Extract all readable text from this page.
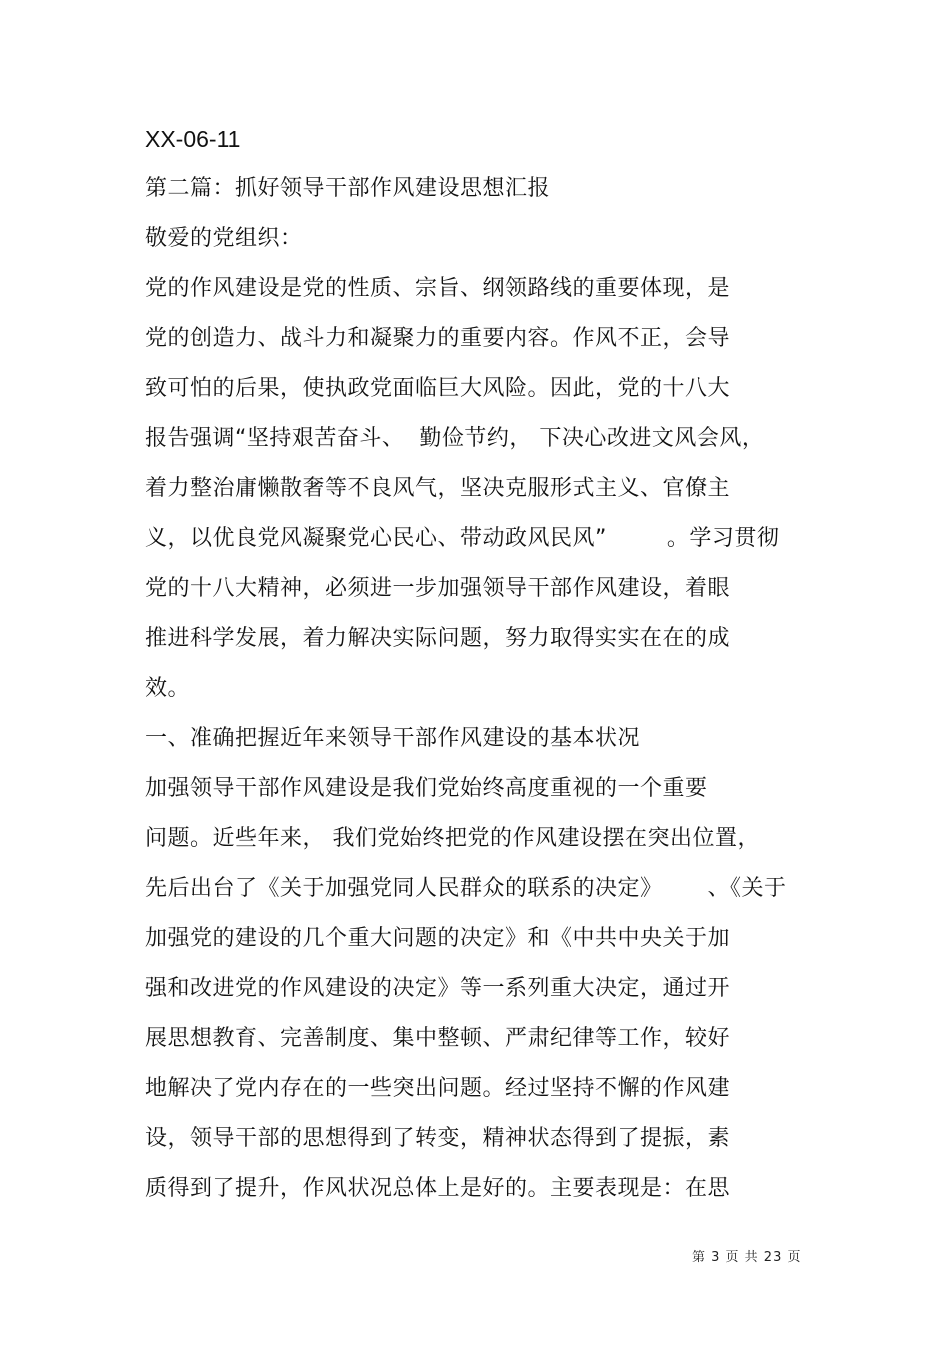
XX-06-11
第二篇：抓好领导干部作风建设思想汇报
敬爱的党组织：
党的作风建设是党的性质、宗旨、纲领路线的重要体现，是
党的创造力、战斗力和凝聚力的重要内容。作风不正，会导
致可怕的后果，使执政党面临巨大风险。因此，党的十八大
报告强调“坚持艰苦奋斗、  勤俭节约， 下决心改进文风会风，
着力整治庸懒散奢等不良风气，坚决克服形式主义、官僚主
义，以优良党风凝聚党心民心、带动政风民风”        。学习贯彻
党的十八大精神，必须进一步加强领导干部作风建设，着眼
推进科学发展，着力解决实际问题，努力取得实实在在的成
效。
一、准确把握近年来领导干部作风建设的基本状况
加强领导干部作风建设是我们党始终高度重视的一个重要
问题。近些年来， 我们党始终把党的作风建设摆在突出位置，
先后出台了《关于加强党同人民群众的联系的决定》      、《关于
加强党的建设的几个重大问题的决定》和《中共中央关于加
强和改进党的作风建设的决定》等一系列重大决定，通过开
展思想教育、完善制度、集中整顿、严肃纪律等工作，较好
地解决了党内存在的一些突出问题。经过坚持不懈的作风建
设，领导干部的思想得到了转变，精神状态得到了提振，素
质得到了提升，作风状况总体上是好的。主要表现是：在思
第 3 页 共 23 页
